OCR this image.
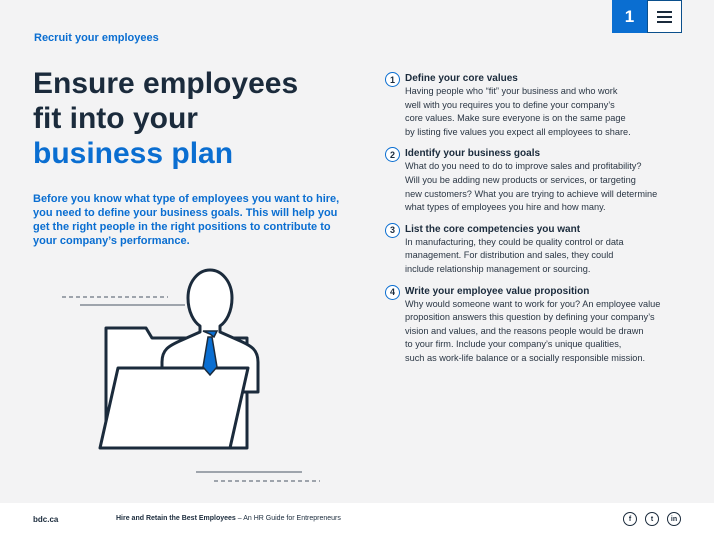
1
Recruit your employees
Ensure employees
fit into your
business plan
Before you know what type of employees you want to hire, you need to define your business goals. This will help you get the right people in the right positions to contribute to your company’s performance.
1	Define your core values
Having people who “fit” your business and who work
well with you requires you to define your company’s
core values. Make sure everyone is on the same page
by listing five values you expect all employees to share.
2	Identify your business goals
What do you need to do to improve sales and profitability?
Will you be adding new products or services, or targeting
new customers? What you are trying to achieve will determine
what types of employees you hire and how many.
3	List the core competencies you want
In manufacturing, they could be quality control or data
management. For distribution and sales, they could
include relationship management or sourcing.
4	Write your employee value proposition
Why would someone want to work for you? An employee value
proposition answers this question by defining your company’s
vision and values, and the reasons people would be drawn
to your firm. Include your company’s unique qualities,
such as work-life balance or a socially responsible mission.
bdc.ca	Hire and Retain the Best Employees – An HR Guide for Entrepreneurs	f	t	in
